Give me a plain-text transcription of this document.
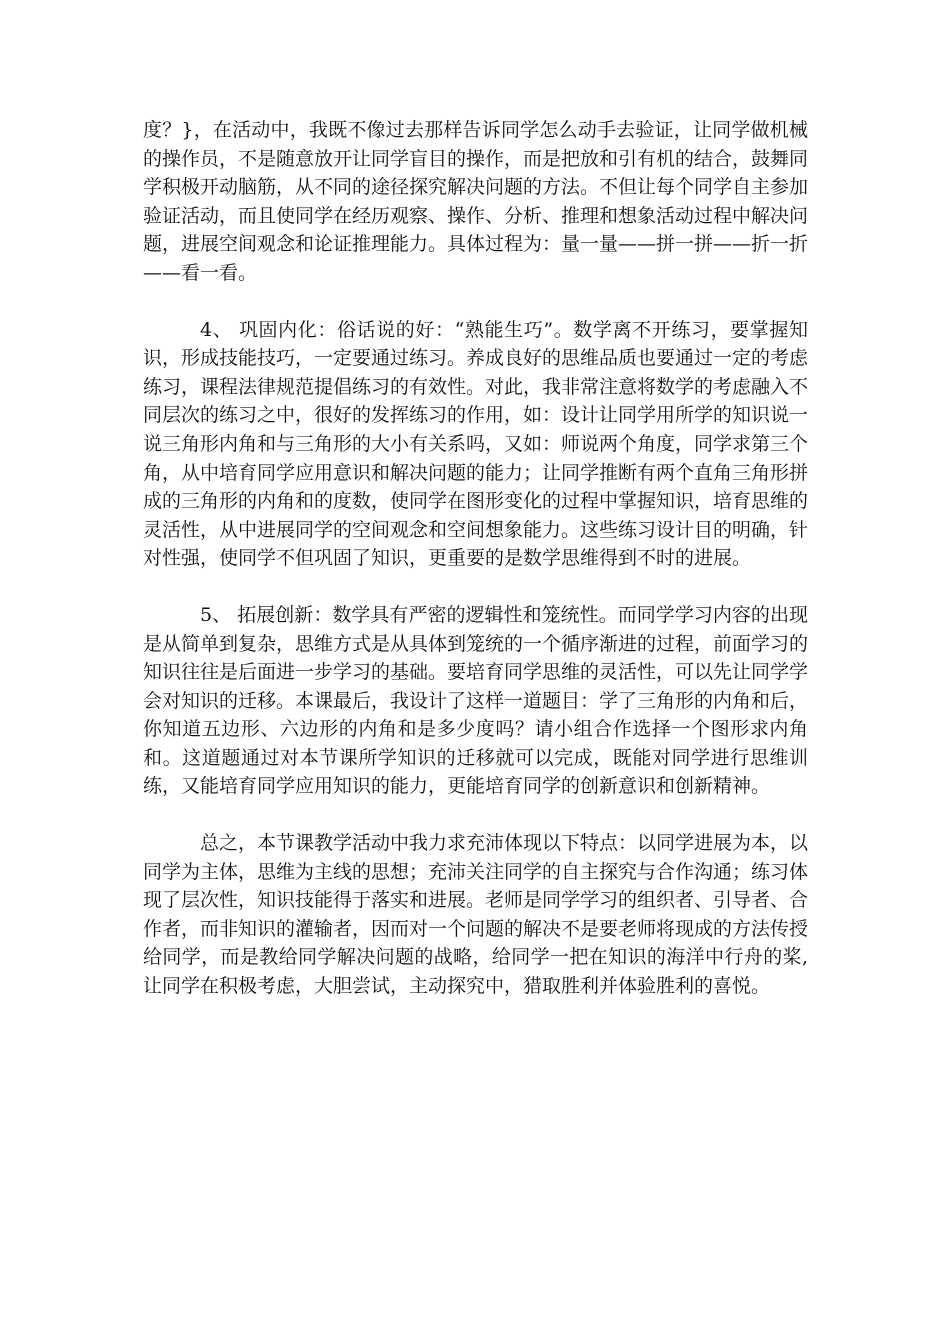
度？}，在活动中，我既不像过去那样告诉同学怎么动手去验证，让同学做机械的操作员，不是随意放开让同学盲目的操作，而是把放和引有机的结合，鼓舞同学积极开动脑筋，从不同的途径探究解决问题的方法。不但让每个同学自主参加验证活动，而且使同学在经历观察、操作、分析、推理和想象活动过程中解决问题，进展空间观念和论证推理能力。具体过程为：量一量——拼一拼——折一折——看一看。

4、 巩固内化：俗话说的好：“熟能生巧”。数学离不开练习，要掌握知识，形成技能技巧，一定要通过练习。养成良好的思维品质也要通过一定的考虑练习，课程法律规范提倡练习的有效性。对此，我非常注意将数学的考虑融入不同层次的练习之中，很好的发挥练习的作用，如：设计让同学用所学的知识说一说三角形内角和与三角形的大小有关系吗，又如：师说两个角度，同学求第三个角，从中培育同学应用意识和解决问题的能力；让同学推断有两个直角三角形拼成的三角形的内角和的度数，使同学在图形变化的过程中掌握知识，培育思维的灵活性，从中进展同学的空间观念和空间想象能力。这些练习设计目的明确，针对性强，使同学不但巩固了知识，更重要的是数学思维得到不时的进展。

5、 拓展创新：数学具有严密的逻辑性和笼统性。而同学学习内容的出现是从简单到复杂，思维方式是从具体到笼统的一个循序渐进的过程，前面学习的知识往往是后面进一步学习的基础。要培育同学思维的灵活性，可以先让同学学会对知识的迁移。本课最后，我设计了这样一道题目：学了三角形的内角和后，你知道五边形、六边形的内角和是多少度吗？请小组合作选择一个图形求内角和。这道题通过对本节课所学知识的迁移就可以完成，既能对同学进行思维训练，又能培育同学应用知识的能力，更能培育同学的创新意识和创新精神。

总之，本节课教学活动中我力求充沛体现以下特点：以同学进展为本，以同学为主体，思维为主线的思想；充沛关注同学的自主探究与合作沟通；练习体现了层次性，知识技能得于落实和进展。老师是同学学习的组织者、引导者、合作者，而非知识的灌输者，因而对一个问题的解决不是要老师将现成的方法传授给同学，而是教给同学解决问题的战略，给同学一把在知识的海洋中行舟的桨,让同学在积极考虑，大胆尝试，主动探究中，猎取胜利并体验胜利的喜悦。
